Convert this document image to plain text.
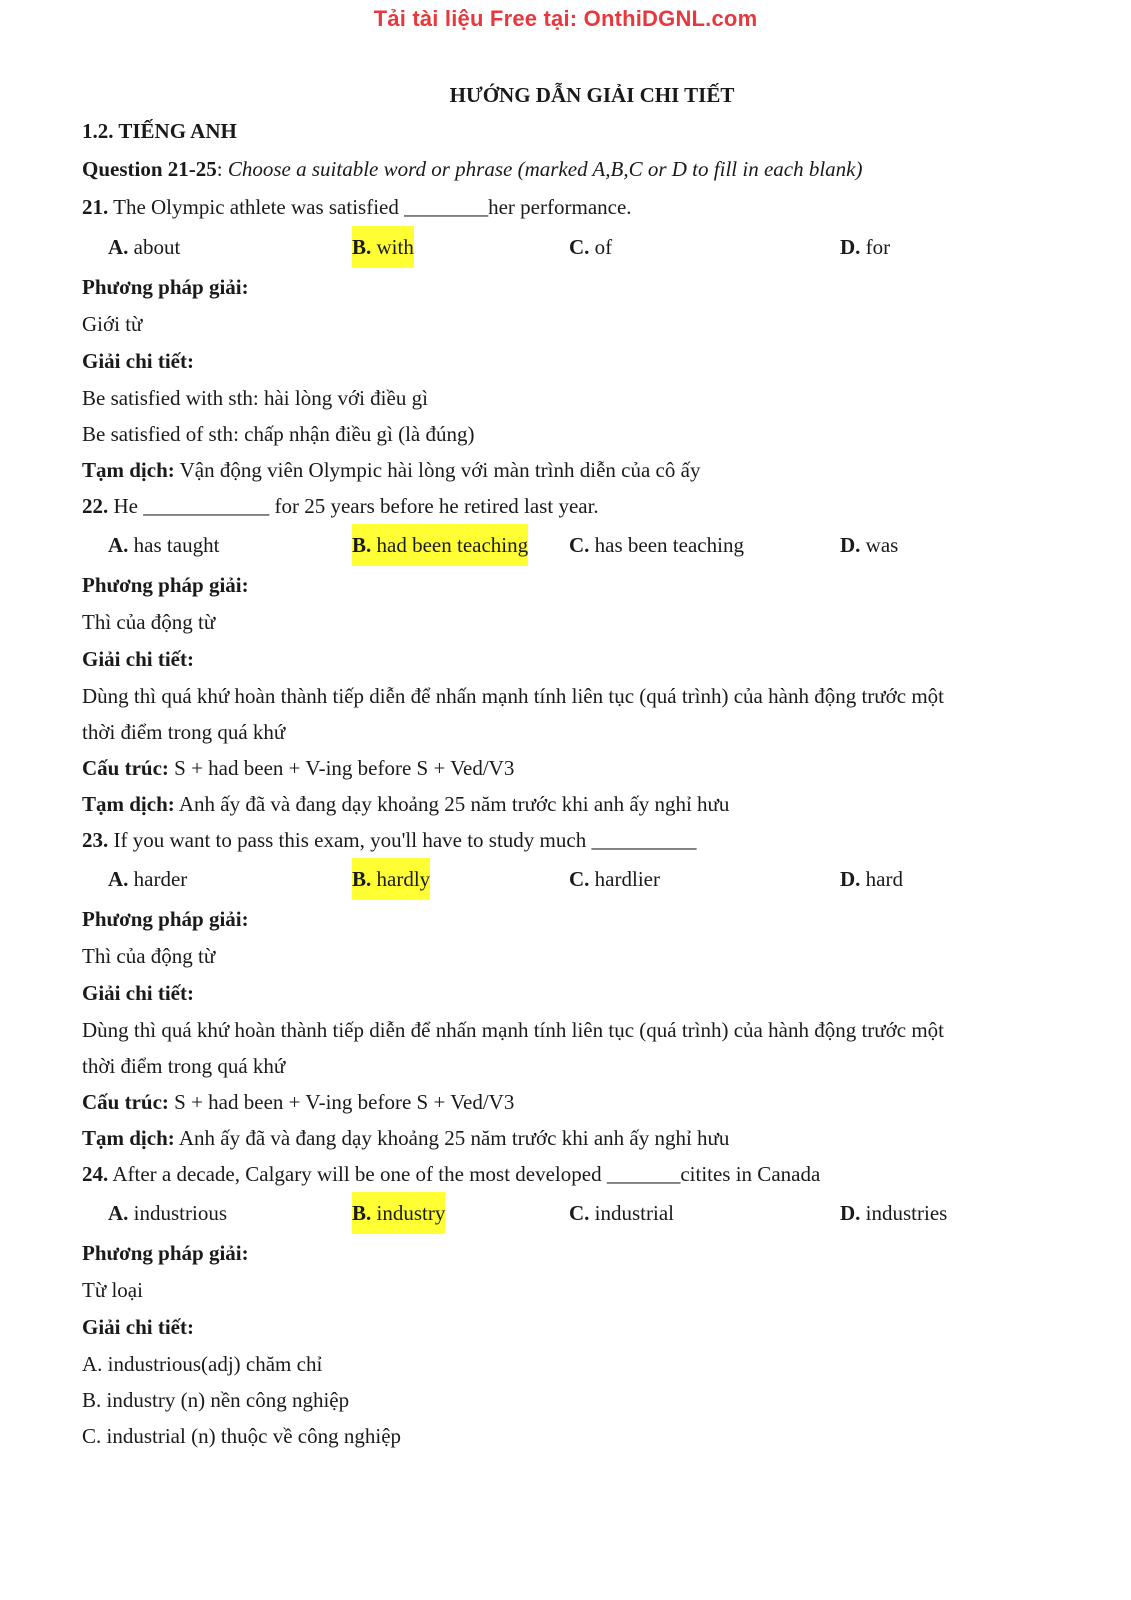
Tải tài liệu Free tại: OnthiDGNL.com
HƯỚNG DẪN GIẢI CHI TIẾT
1.2. TIẾNG ANH
Question 21-25: Choose a suitable word or phrase (marked A,B,C or D to fill in each blank)
21. The Olympic athlete was satisfied ________her performance.
A. about	B. with	C. of	D. for
Phương pháp giải:
Giới từ
Giải chi tiết:
Be satisfied with sth: hài lòng với điều gì
Be satisfied of sth: chấp nhận điều gì (là đúng)
Tạm dịch: Vận động viên Olympic hài lòng với màn trình diễn của cô ấy
22. He ____________ for 25 years before he retired last year.
A. has taught	B. had been teaching C. has been teaching	D. was
Phương pháp giải:
Thì của động từ
Giải chi tiết:
Dùng thì quá khứ hoàn thành tiếp diễn để nhấn mạnh tính liên tục (quá trình) của hành động trước một
thời điểm trong quá khứ
Cấu trúc: S + had been + V-ing before S + Ved/V3
Tạm dịch: Anh ấy đã và đang dạy khoảng 25 năm trước khi anh ấy nghỉ hưu
23. If you want to pass this exam, you'll have to study much __________
A. harder	B. hardly	C. hardlier	D. hard
Phương pháp giải:
Thì của động từ
Giải chi tiết:
Dùng thì quá khứ hoàn thành tiếp diễn để nhấn mạnh tính liên tục (quá trình) của hành động trước một
thời điểm trong quá khứ
Cấu trúc: S + had been + V-ing before S + Ved/V3
Tạm dịch: Anh ấy đã và đang dạy khoảng 25 năm trước khi anh ấy nghỉ hưu
24. After a decade, Calgary will be one of the most developed _______citites in Canada
A. industrious	B. industry	C. industrial	D. industries
Phương pháp giải:
Từ loại
Giải chi tiết:
A. industrious(adj) chăm chỉ
B. industry (n) nền công nghiệp
C. industrial (n) thuộc về công nghiệp
